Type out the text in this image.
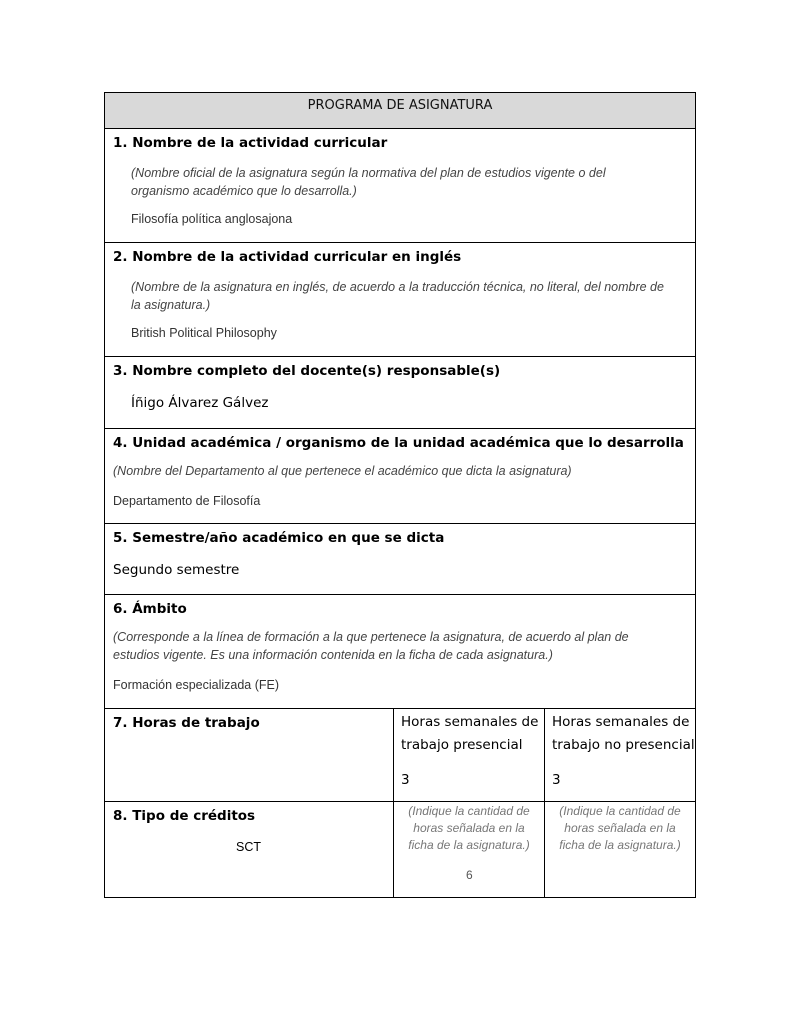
PROGRAMA DE ASIGNATURA
1. Nombre de la actividad curricular
(Nombre oficial de la asignatura según la normativa del plan de estudios vigente o del
organismo académico que lo desarrolla.)
Filosofía política anglosajona
2. Nombre de la actividad curricular en inglés
(Nombre de la asignatura en inglés, de acuerdo a la traducción técnica, no literal, del nombre de
la asignatura.)
British Political Philosophy
3. Nombre completo del docente(s) responsable(s)
Íñigo Álvarez Gálvez
4. Unidad académica / organismo de la unidad académica que lo desarrolla
(Nombre del Departamento al que pertenece el académico que dicta la asignatura)
Departamento de Filosofía
5. Semestre/año académico en que se dicta
Segundo semestre
6. Ámbito
(Corresponde a la línea de formación a la que pertenece la asignatura, de acuerdo al plan de
estudios vigente. Es una información contenida en la ficha de cada asignatura.)
Formación especializada (FE)
7. Horas de trabajo	Horas semanales de
trabajo presencial
3
Horas semanales de
trabajo no presencial
3
8. Tipo de créditos
SCT
(Indique la cantidad de
horas señalada en la
ficha de la asignatura.)
6
(Indique la cantidad de
horas señalada en la
ficha de la asignatura.)
